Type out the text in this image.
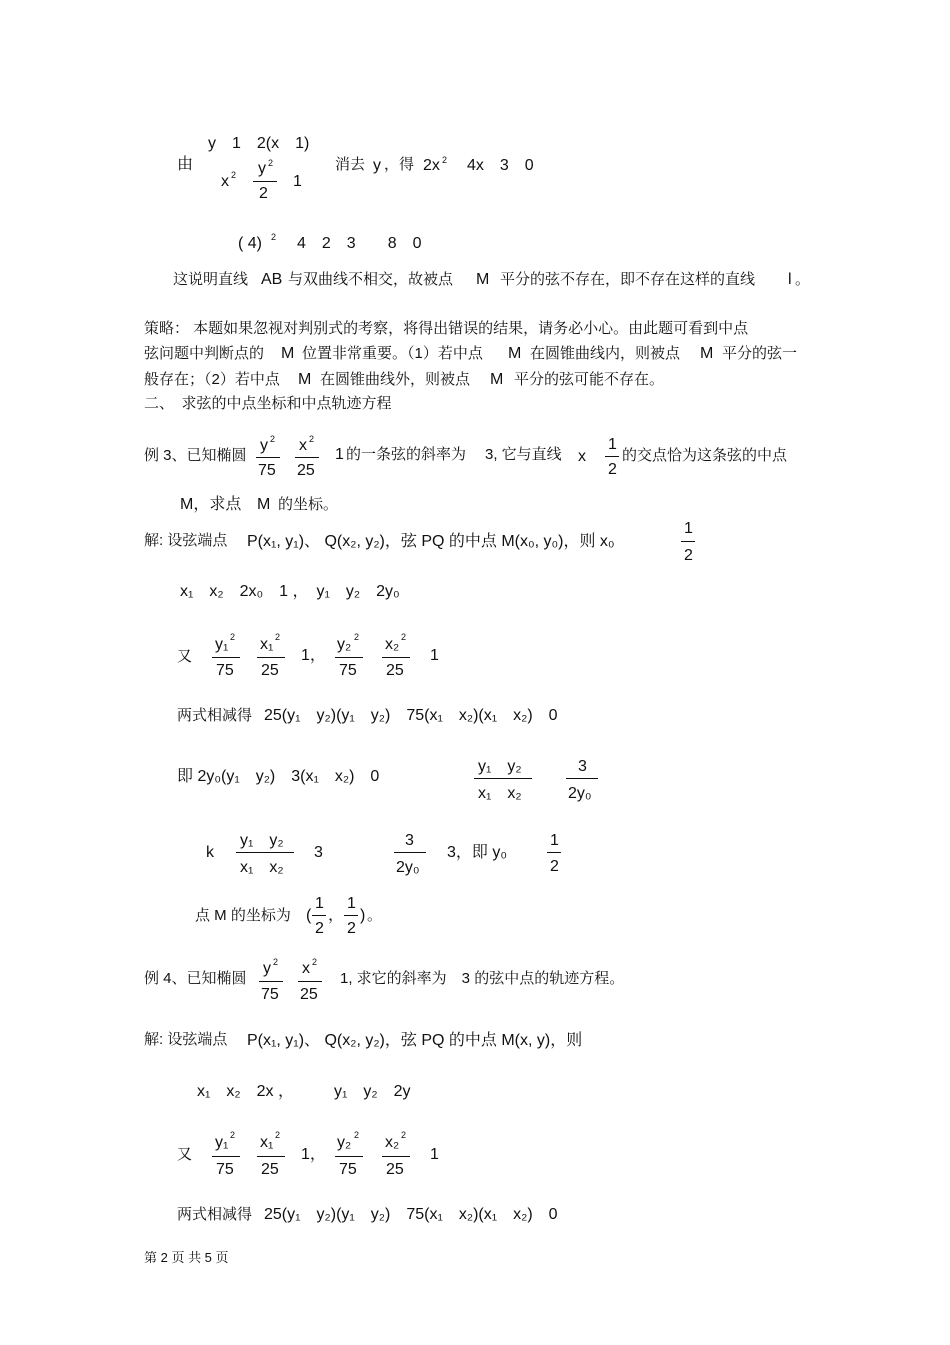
由
y　1　2(x　1)
x 2 y 2
2
1
消去 y ，得 2x 2 4x　3　0
( 4) 2 4　2　3　　8　0
这说明直线 AB 与双曲线不相交，故被点 M 平分的弦不存在，即不存在这样的直线 l 。
策略： 本题如果忽视对判别式的考察，将得出错误的结果，请务必小心。由此题可看到中点
弦问题中判断点的 M 位置非常重要。（1）若中点 M 在圆锥曲线内，则被点 M 平分的弦一
般存在；（2）若中点 M 在圆锥曲线外，则被点 M 平分的弦可能不存在。
二、　求弦的中点坐标和中点轨迹方程
例 3、已知椭圆
y 2
75
x 2
25
1 的一条弦的斜率为 3, 它与直线 x
1
2
的交点恰为这条弦的中点
M，求点 M 的坐标。
解: 设弦端点 P(x₁, y₁)、 Q(x₂, y₂)，弦 PQ 的中点 M(x₀, y₀)，则 x₀
1
2
x₁　x₂　2x₀　1 ，　y₁　y₂　2y₀
又
y₁ 2
75
x₁ 2
25
1，
y₂ 2
75
x₂ 2
25
1
两式相减得 25(y₁　y₂)(y₁　y₂)　75(x₁　x₂)(x₁　x₂)　0
即 2y₀(y₁　y₂)　3(x₁　x₂)　0
y₁　y₂
x₁　x₂
3
2y₀
k
y₁　y₂
x₁　x₂
3
3
2y₀
3，即 y₀
1
2
点 M 的坐标为 (
1
2
，
1
2
) 。
例 4、已知椭圆
y 2
75
x 2
25
1, 求它的斜率为　3 的弦中点的轨迹方程。
解: 设弦端点 P(x₁, y₁)、 Q(x₂, y₂)，弦 PQ 的中点 M(x, y)，则
x₁　x₂　2x ，　　　y₁　y₂　2y
又
y₁ 2
75
x₁ 2
25
1，
y₂ 2
75
x₂ 2
25
1
两式相减得 25(y₁　y₂)(y₁　y₂)　75(x₁　x₂)(x₁　x₂)　0
第 2 页 共 5 页
